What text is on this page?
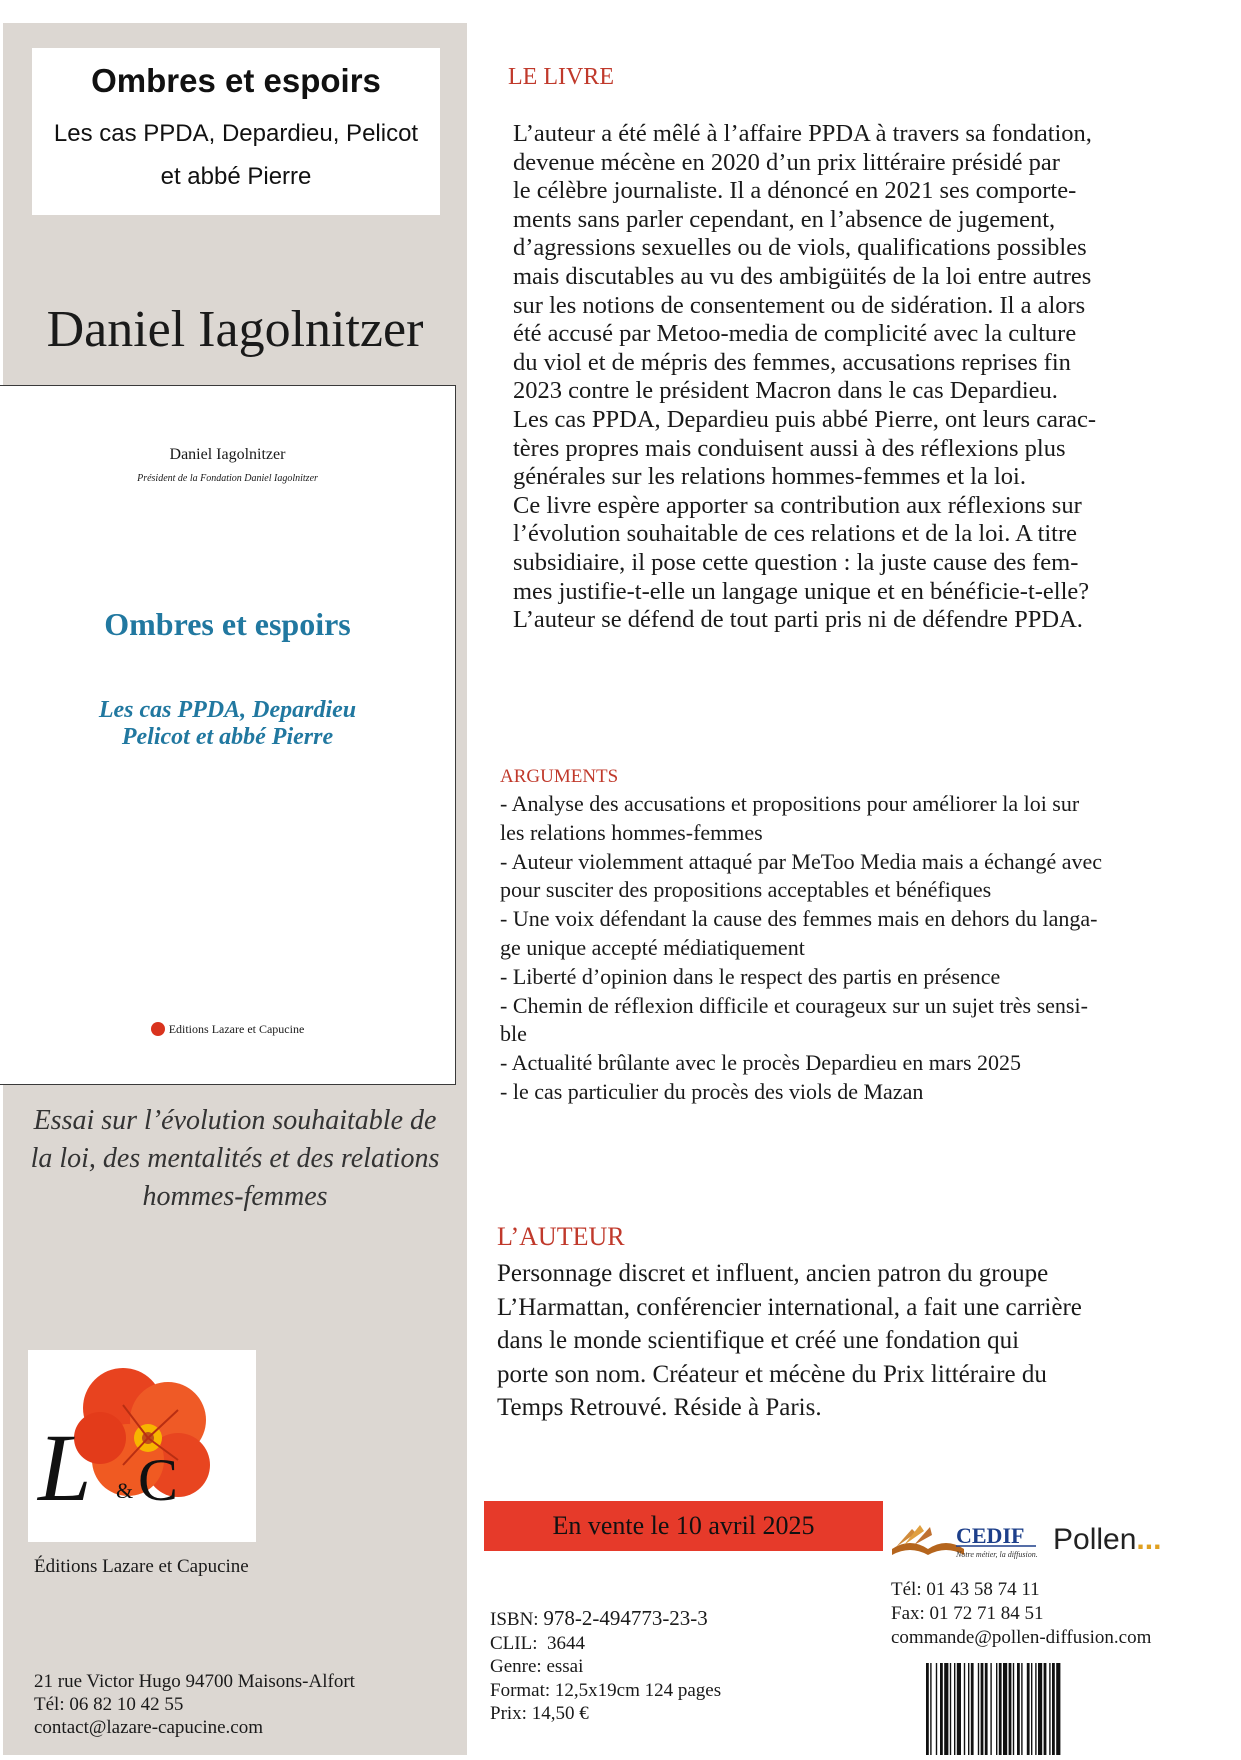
Ombres et espoirs
Les cas PPDA, Depardieu, Pelicot
et abbé Pierre
Daniel Iagolnitzer
Daniel Iagolnitzer
Président de la Fondation Daniel Iagolnitzer
Ombres et espoirs
Les cas PPDA, Depardieu
Pelicot et abbé Pierre
Editions Lazare et Capucine
Essai sur l’évolution souhaitable de
la loi, des mentalités et des relations
hommes-femmes
L & C
Éditions Lazare et Capucine
21 rue Victor Hugo 94700 Maisons-Alfort
Tél: 06 82 10 42 55
contact@lazare-capucine.com
LE LIVRE
L’auteur a été mêlé à l’affaire PPDA à travers sa fondation,
devenue mécène en 2020 d’un prix littéraire présidé par
le célèbre journaliste. Il a dénoncé en 2021 ses comporte-
ments sans parler cependant, en l’absence de jugement,
d’agressions sexuelles ou de viols, qualifications possibles
mais discutables au vu des ambigüités de la loi entre autres
sur les notions de consentement ou de sidération. Il a alors
été accusé par Metoo-media de complicité avec la culture
du viol et de mépris des femmes, accusations reprises fin
2023 contre le président Macron dans le cas Depardieu.
Les cas PPDA, Depardieu puis abbé Pierre, ont leurs carac-
tères propres mais conduisent aussi à des réflexions plus
générales sur les relations hommes-femmes et la loi.
Ce livre espère apporter sa contribution aux réflexions sur
l’évolution souhaitable de ces relations et de la loi. A titre
subsidiaire, il pose cette question : la juste cause des fem-
mes justifie-t-elle un langage unique et en bénéficie-t-elle?
L’auteur se défend de tout parti pris ni de défendre PPDA.
ARGUMENTS
- Analyse des accusations et propositions pour améliorer la loi sur
les relations hommes-femmes
- Auteur violemment attaqué par MeToo Media mais a échangé avec
pour susciter des propositions acceptables et bénéfiques
- Une voix défendant la cause des femmes mais en dehors du langa-
ge unique accepté médiatiquement
- Liberté d’opinion dans le respect des partis en présence
- Chemin de réflexion difficile et courageux sur un sujet très sensi-
ble
- Actualité brûlante avec le procès Depardieu en mars 2025
- le cas particulier du procès des viols de Mazan
L’AUTEUR
Personnage discret et influent, ancien patron du groupe
L’Harmattan, conférencier international, a fait une carrière
dans le monde scientifique et créé une fondation qui
porte son nom. Créateur et mécène du Prix littéraire du
Temps Retrouvé. Réside à Paris.
En vente le 10 avril 2025	CEDIF
Notre métier, la diffusion. Pollen...
Tél: 01 43 58 74 11
Fax: 01 72 71 84 51
commande@pollen-diffusion.com
ISBN: 978-2-494773-23-3
CLIL: 3644
Genre: essai
Format: 12,5x19cm 124 pages
Prix: 14,50 €
